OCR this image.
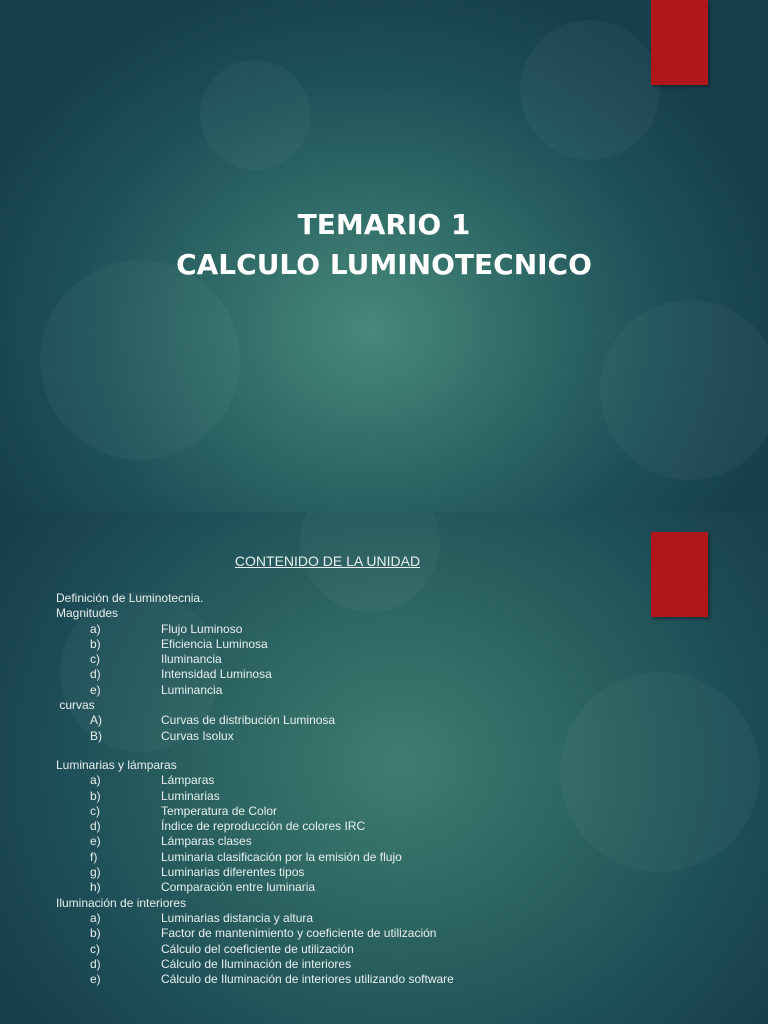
TEMARIO 1
CALCULO LUMINOTECNICO
CONTENIDO DE LA UNIDAD
Definición de Luminotecnia.
Magnitudes
a)	Flujo Luminoso
b)	Eficiencia Luminosa
c)	Iluminancia
d)	Intensidad Luminosa
e)	Luminancia
curvas
A)	Curvas de distribución Luminosa
B)	Curvas Isolux
Luminarias y lámparas
a)	Lámparas
b)	Luminarias
c)	Temperatura de Color
d)	Índice de reproducción de colores IRC
e)	Lámparas clases
f)	Luminaria clasificación por la emisión de flujo
g)	Luminarias diferentes tipos
h)	Comparación entre luminaria
Iluminación de interiores
a)	Luminarias distancia y altura
b)	Factor de mantenimiento y coeficiente de utilización
c)	Cálculo del coeficiente de utilización
d)	Cálculo de Iluminación de interiores
e)	Cálculo de Iluminación de interiores utilizando software
